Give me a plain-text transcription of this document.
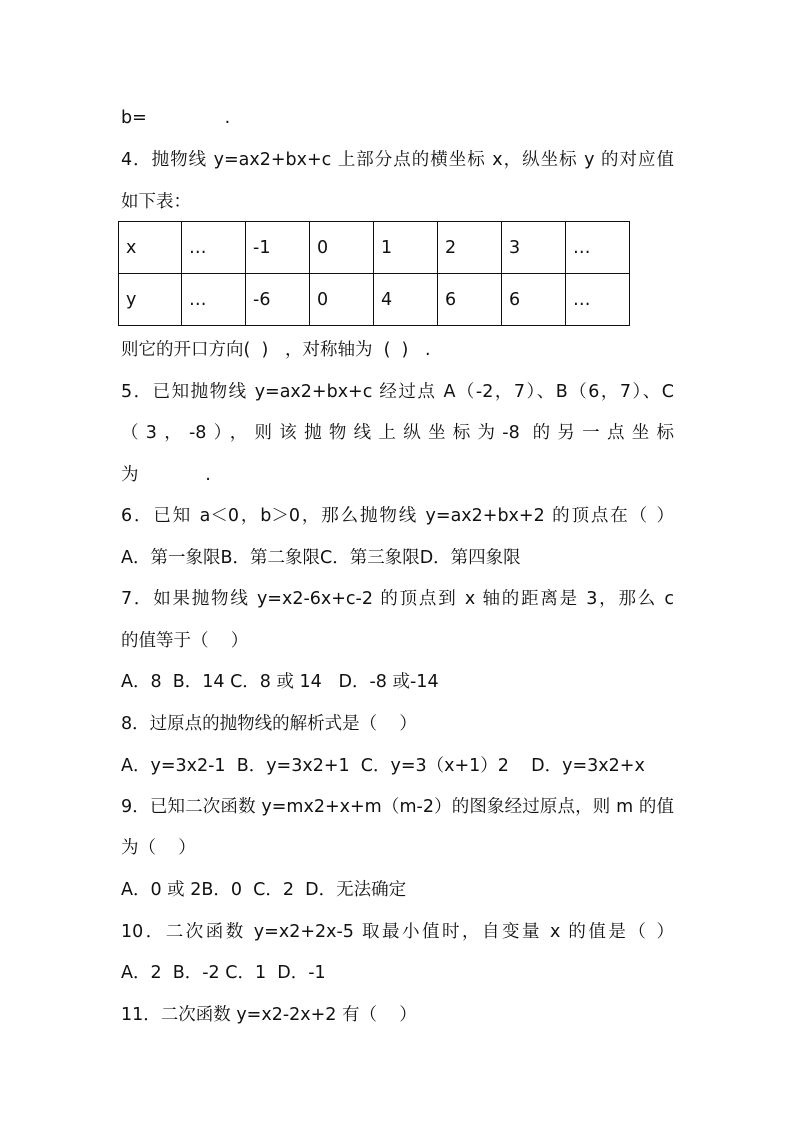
b=              .
4．抛物线 y=ax2+bx+c 上部分点的横坐标 x，纵坐标 y 的对应值
如下表：
x	…	-1	0	1	2	3	…
y	…	-6	0	4	6	6	…
则它的开口方向(  )   ，对称轴为  (  )   .
5．已知抛物线 y=ax2+bx+c 经过点 A（-2，7）、B（6，7）、C
（3，-8），则该抛物线上纵坐标为-8 的另一点坐标
为            .
6．已知 a＜0，b＞0，那么抛物线 y=ax2+bx+2 的顶点在（ ）
A．第一象限B．第二象限C．第三象限D．第四象限
7．如果抛物线 y=x2-6x+c-2 的顶点到 x 轴的距离是 3，那么 c
的值等于（    ）
A．8  B．14 C．8 或 14   D．-8 或-14
8．过原点的抛物线的解析式是（    ）
A．y=3x2-1  B．y=3x2+1  C．y=3（x+1）2    D．y=3x2+x
9．已知二次函数 y=mx2+x+m（m-2）的图象经过原点，则 m 的值
为（    ）
A．0 或 2B．0  C．2  D．无法确定
10．二次函数 y=x2+2x-5 取最小值时，自变量 x 的值是（ ）
A．2  B．-2 C．1  D．-1
11．二次函数 y=x2-2x+2 有（    ）
